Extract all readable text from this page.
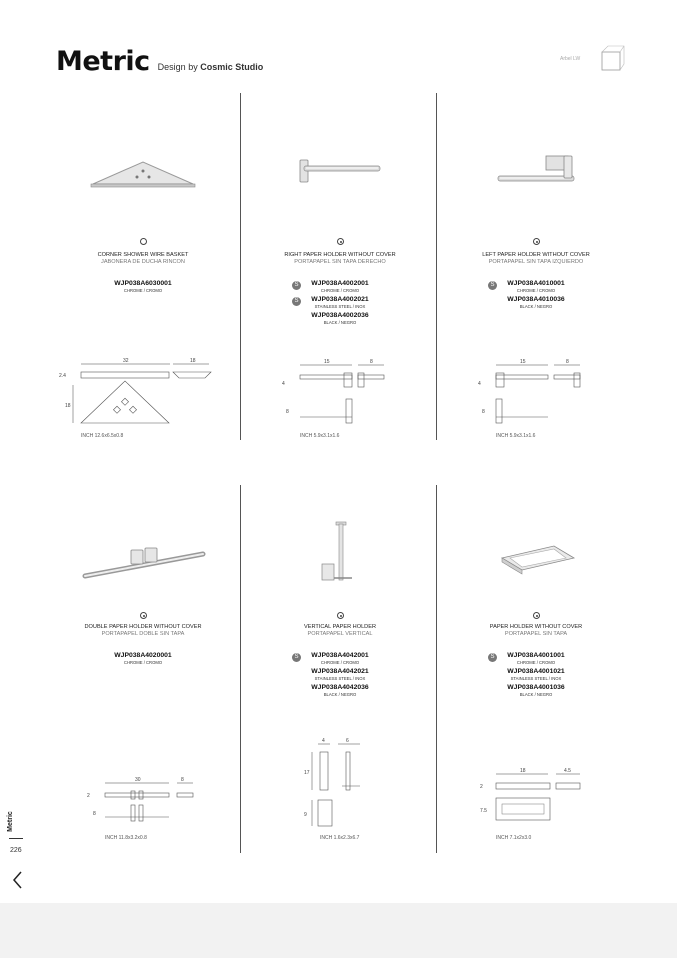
Metric Design by Cosmic Studio
Arbel LW
CORNER SHOWER WIRE BASKET
JABONERA DE DUCHA RINCON
WJP038A6030001
CHROME / CROMO
32	18
2.4
18
INCH 12.6x6.5x0.8
RIGHT PAPER HOLDER WITHOUT COVER
PORTAPAPEL SIN TAPA DERECHO
S	WJP038A4002001
CHROME / CROMO
S	WJP038A4002021
STAINLESS STEEL / INOX
WJP038A4002036
BLACK / NEGRO
15	8
4
8
INCH 5.9x3.1x1.6
LEFT PAPER HOLDER WITHOUT COVER
PORTAPAPEL SIN TAPA IZQUIERDO
S	WJP038A4010001
CHROME / CROMO
WJP038A4010036
BLACK / NEGRO
15	8
4
8
INCH 5.9x3.1x1.6
DOUBLE PAPER HOLDER WITHOUT COVER
PORTAPAPEL DOBLE SIN TAPA
WJP038A4020001
CHROME / CROMO
30	8
2
8
INCH 11.8x3.2x0.8
VERTICAL PAPER HOLDER
PORTAPAPEL VERTICAL
S	WJP038A4042001
CHROME / CROMO
WJP038A4042021
STAINLESS STEEL / INOX
WJP038A4042036
BLACK / NEGRO
4	6
17
9
INCH 1.6x2.3x6.7
PAPER HOLDER WITHOUT COVER
PORTAPAPEL SIN TAPA
S	WJP038A4001001
CHROME / CROMO
WJP038A4001021
STAINLESS STEEL / INOX
WJP038A4001036
BLACK / NEGRO
18	4.5
2
7.5
INCH 7.1x2x3.0
Metric
226
